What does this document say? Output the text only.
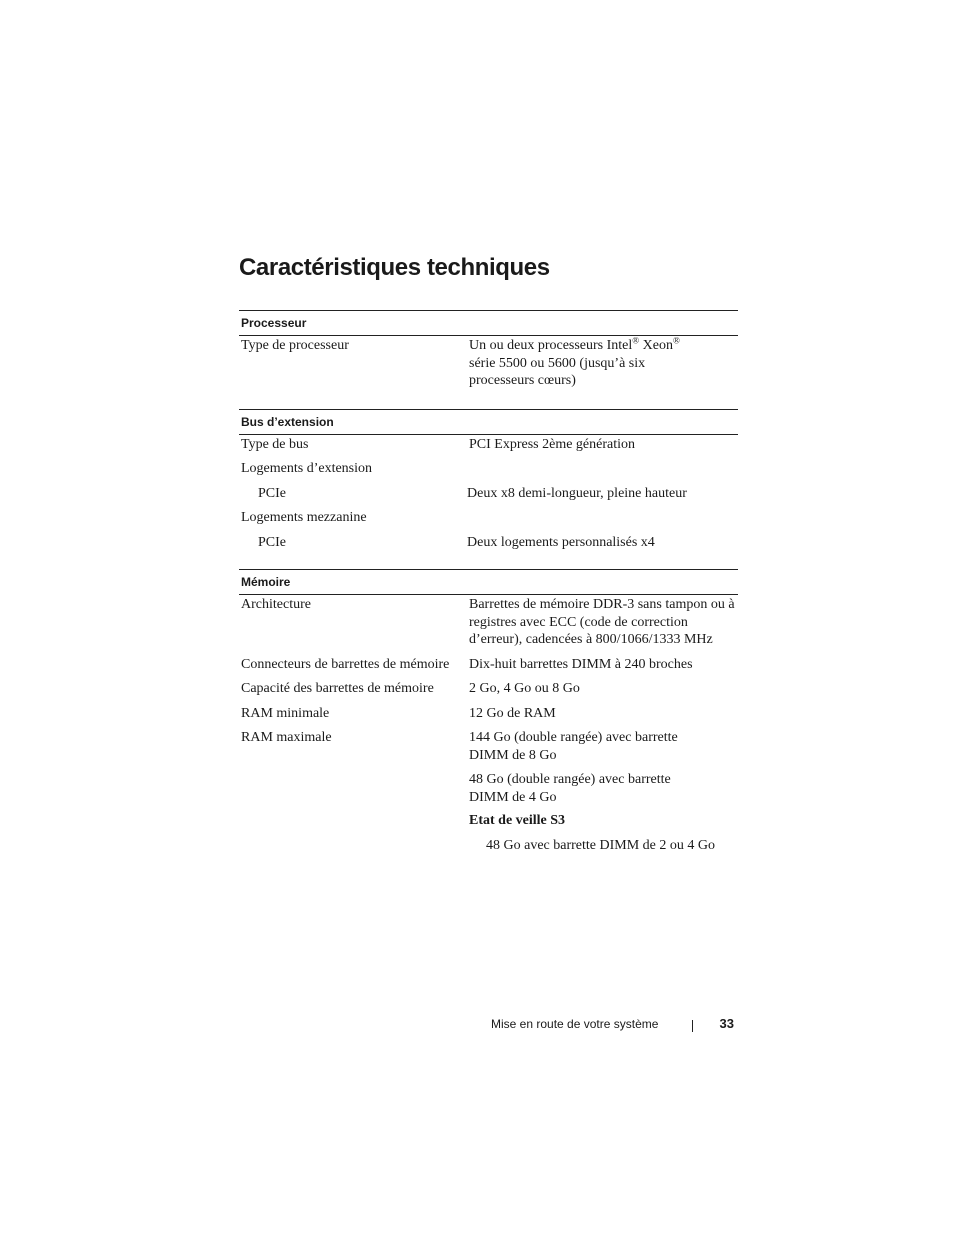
Caractéristiques techniques
Processeur
Type de processeur	Un ou deux processeurs Intel® Xeon®

série 5500 ou 5600 (jusqu’à six processeurs cœurs)
Bus d’extension
Type de bus	PCI Express 2ème génération
Logements d’extension
PCIe	Deux x8 demi-longueur, pleine hauteur
Logements mezzanine
PCIe	Deux logements personnalisés x4
Mémoire
Architecture	Barrettes de mémoire DDR-3 sans tampon ou à registres avec ECC (code de correction d’erreur), cadencées à 800/1066/1333 MHz
Connecteurs de barrettes de mémoire	Dix-huit barrettes DIMM à 240 broches
Capacité des barrettes de mémoire	2 Go, 4 Go ou 8 Go
RAM minimale	12 Go de RAM
RAM maximale	144 Go (double rangée) avec barrette DIMM de 8 Go
48 Go (double rangée) avec barrette DIMM de 4 Go
Etat de veille S3
48 Go avec barrette DIMM de 2 ou 4 Go
Mise en route de votre système	33
